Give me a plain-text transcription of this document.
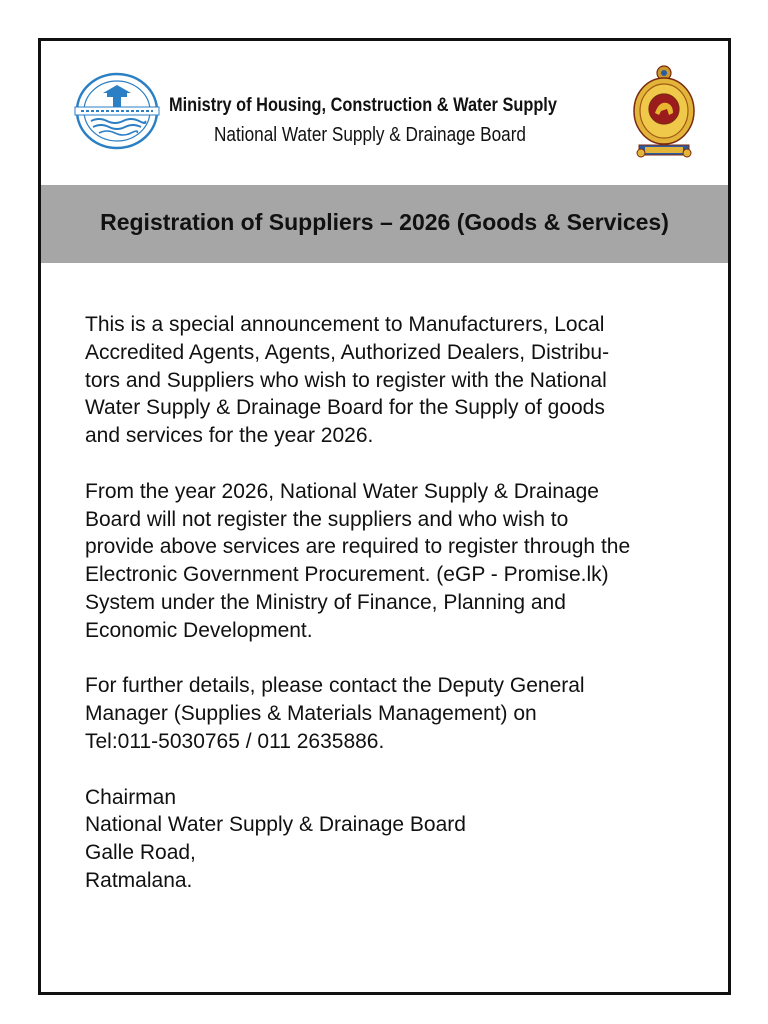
Ministry of Housing, Construction & Water Supply
National Water Supply & Drainage Board
Registration of Suppliers – 2026 (Goods & Services)

This is a special announcement to Manufacturers, Local
Accredited Agents, Agents, Authorized Dealers, Distribu-
tors and Suppliers who wish to register with the National
Water Supply & Drainage Board for the Supply of goods
and services for the year 2026.

From the year 2026, National Water Supply & Drainage
Board will not register the suppliers and who wish to
provide above services are required to register through the
Electronic Government Procurement. (eGP - Promise.lk)
System under the Ministry of Finance, Planning and
Economic Development.

For further details, please contact the Deputy General
Manager (Supplies & Materials Management) on
Tel:011-5030765 / 011 2635886.

Chairman
National Water Supply & Drainage Board
Galle Road,
Ratmalana.
